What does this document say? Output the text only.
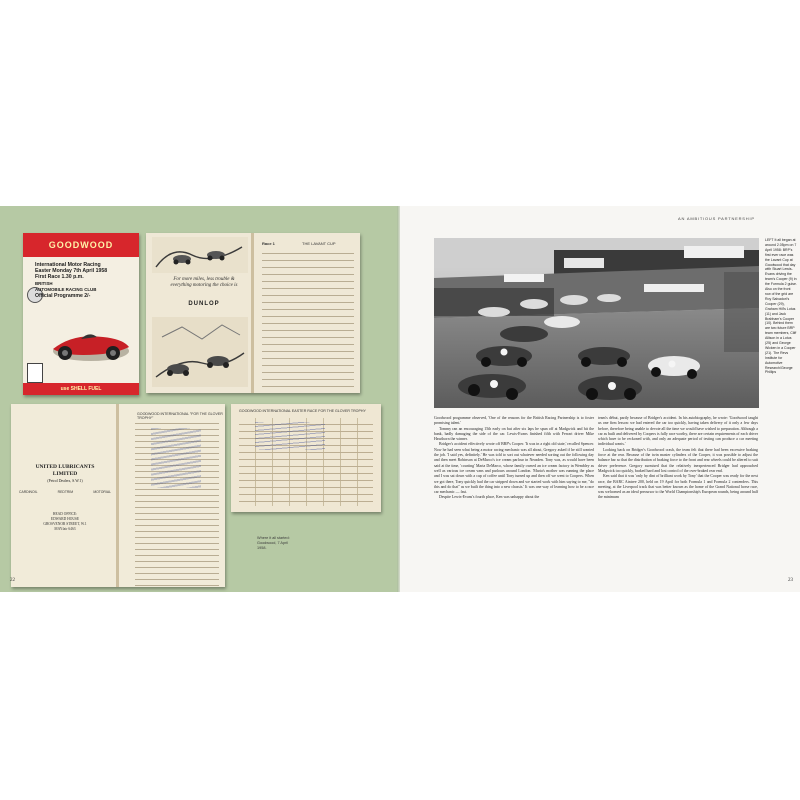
GOODWOOD
International Motor Racing
Easter Monday 7th April 1958
First Race 1.30 p.m.
BRITISH
AUTOMOBILE RACING CLUB
Official Programme 2/-
use SHELL FUEL
For more miles, less trouble & everything motoring the choice is
DUNLOP
Race 1	THE LAVANT CUP
UNITED LUBRICANTS
LIMITED
(Petrol Dealers, S.W.1)
CARDINOIL	REDTRIM	MOTORIAL
HEAD OFFICE:
EDWARD HOUSE
GROSVENOR STREET, W.1
MAYfair 6463
GOODWOOD INTERNATIONAL "FOR THE GLOVER TROPHY"
GOODWOOD INTERNATIONAL EASTER RACE FOR THE GLOVER TROPHY
Where it all started: Goodwood, 7 April 1958.
22
AN AMBITIOUS PARTNERSHIP
LEFT It all began at around 2.05pm on 7 April 1958: BRP's first ever race was the Lavant Cup at Goodwood that day with Stuart Lewis-Evans driving the team's Cooper (9) in the Formula 2 guise. Also on the front row of the grid are Roy Salvadori's Cooper (29), Graham Hill's Lotus (11) and Jack Brabham's Cooper (10). Behind them are two future BRP team members, Cliff Allison in a Lotus (25) and George Wicken in a Cooper (21). The Revs Institute for Automotive Research/George Phillips

Goodwood programme observed, 'One of the reasons for the British Racing Partnership is to foster promising talent.'

Tommy ran an encouraging 15th early on but after six laps he spun off at Madgwick and hit the bank, badly damaging the side of the car. Lewis-Evans finished fifth with Ferrari driver Mike Hawthorn the winner.

Bridger's accident effectively wrote off BRP's Cooper. 'It was in a right old state,' recalled Spencer. Now he had seen what being a motor racing mechanic was all about, Gregory asked if he still wanted the job. 'I said yes, definitely.' He was told to sort out whatever needed sorting out the following day and then meet Robinson at DeMarco's ice cream parlour in Neasden. Tony was, as would have been said at the time, 'courting' Maria DeMarco, whose family owned an ice cream factory in Wembley as well as various ice cream vans and parlours around London. 'Maria's mother was running the place and I was sat down with a cup of coffee until Tony turned up and then off we went to Coopers. When we got there, Tony quickly had the car stripped down and we started work with him saying to me, "do this and do that" as we built the thing into a new chassis.' It was one way of learning how to be a race car mechanic — fast.

Despite Lewis-Evans's fourth place, Ken was unhappy about the

team's début, partly because of Bridger's accident. In his autobiography, he wrote: 'Goodwood taught us one firm lesson: we had entered the car too quickly, having taken delivery of it only a few days before, therefore being unable to devote all the time we would have wished to preparation. Although a car as built and delivered by Coopers is fully race worthy, there are certain requirements of each driver which have to be reckoned with, and only an adequate period of testing can produce a car meeting individual wants.'

Looking back on Bridger's Goodwood crash, the team felt that there had been excessive braking force at the rear. Because of the twin master cylinders of the Cooper, it was possible to adjust the balance bar so that the distribution of braking force to the front and rear wheels could be altered to suit driver preference. Gregory surmised that the relatively inexperienced Bridger had approached Madgwick too quickly, braked hard and lost control of the over-braked rear end.

Ken said that it was 'only by dint of brilliant work by Tony' that the Cooper was ready for the next race, the BARC Aintree 200, held on 19 April for both Formula 1 and Formula 2 contenders. This meeting, at the Liverpool track that was better known as the home of the Grand National horse race, was welcomed as an ideal precursor to the World Championship's European rounds, being around half the minimum

23
